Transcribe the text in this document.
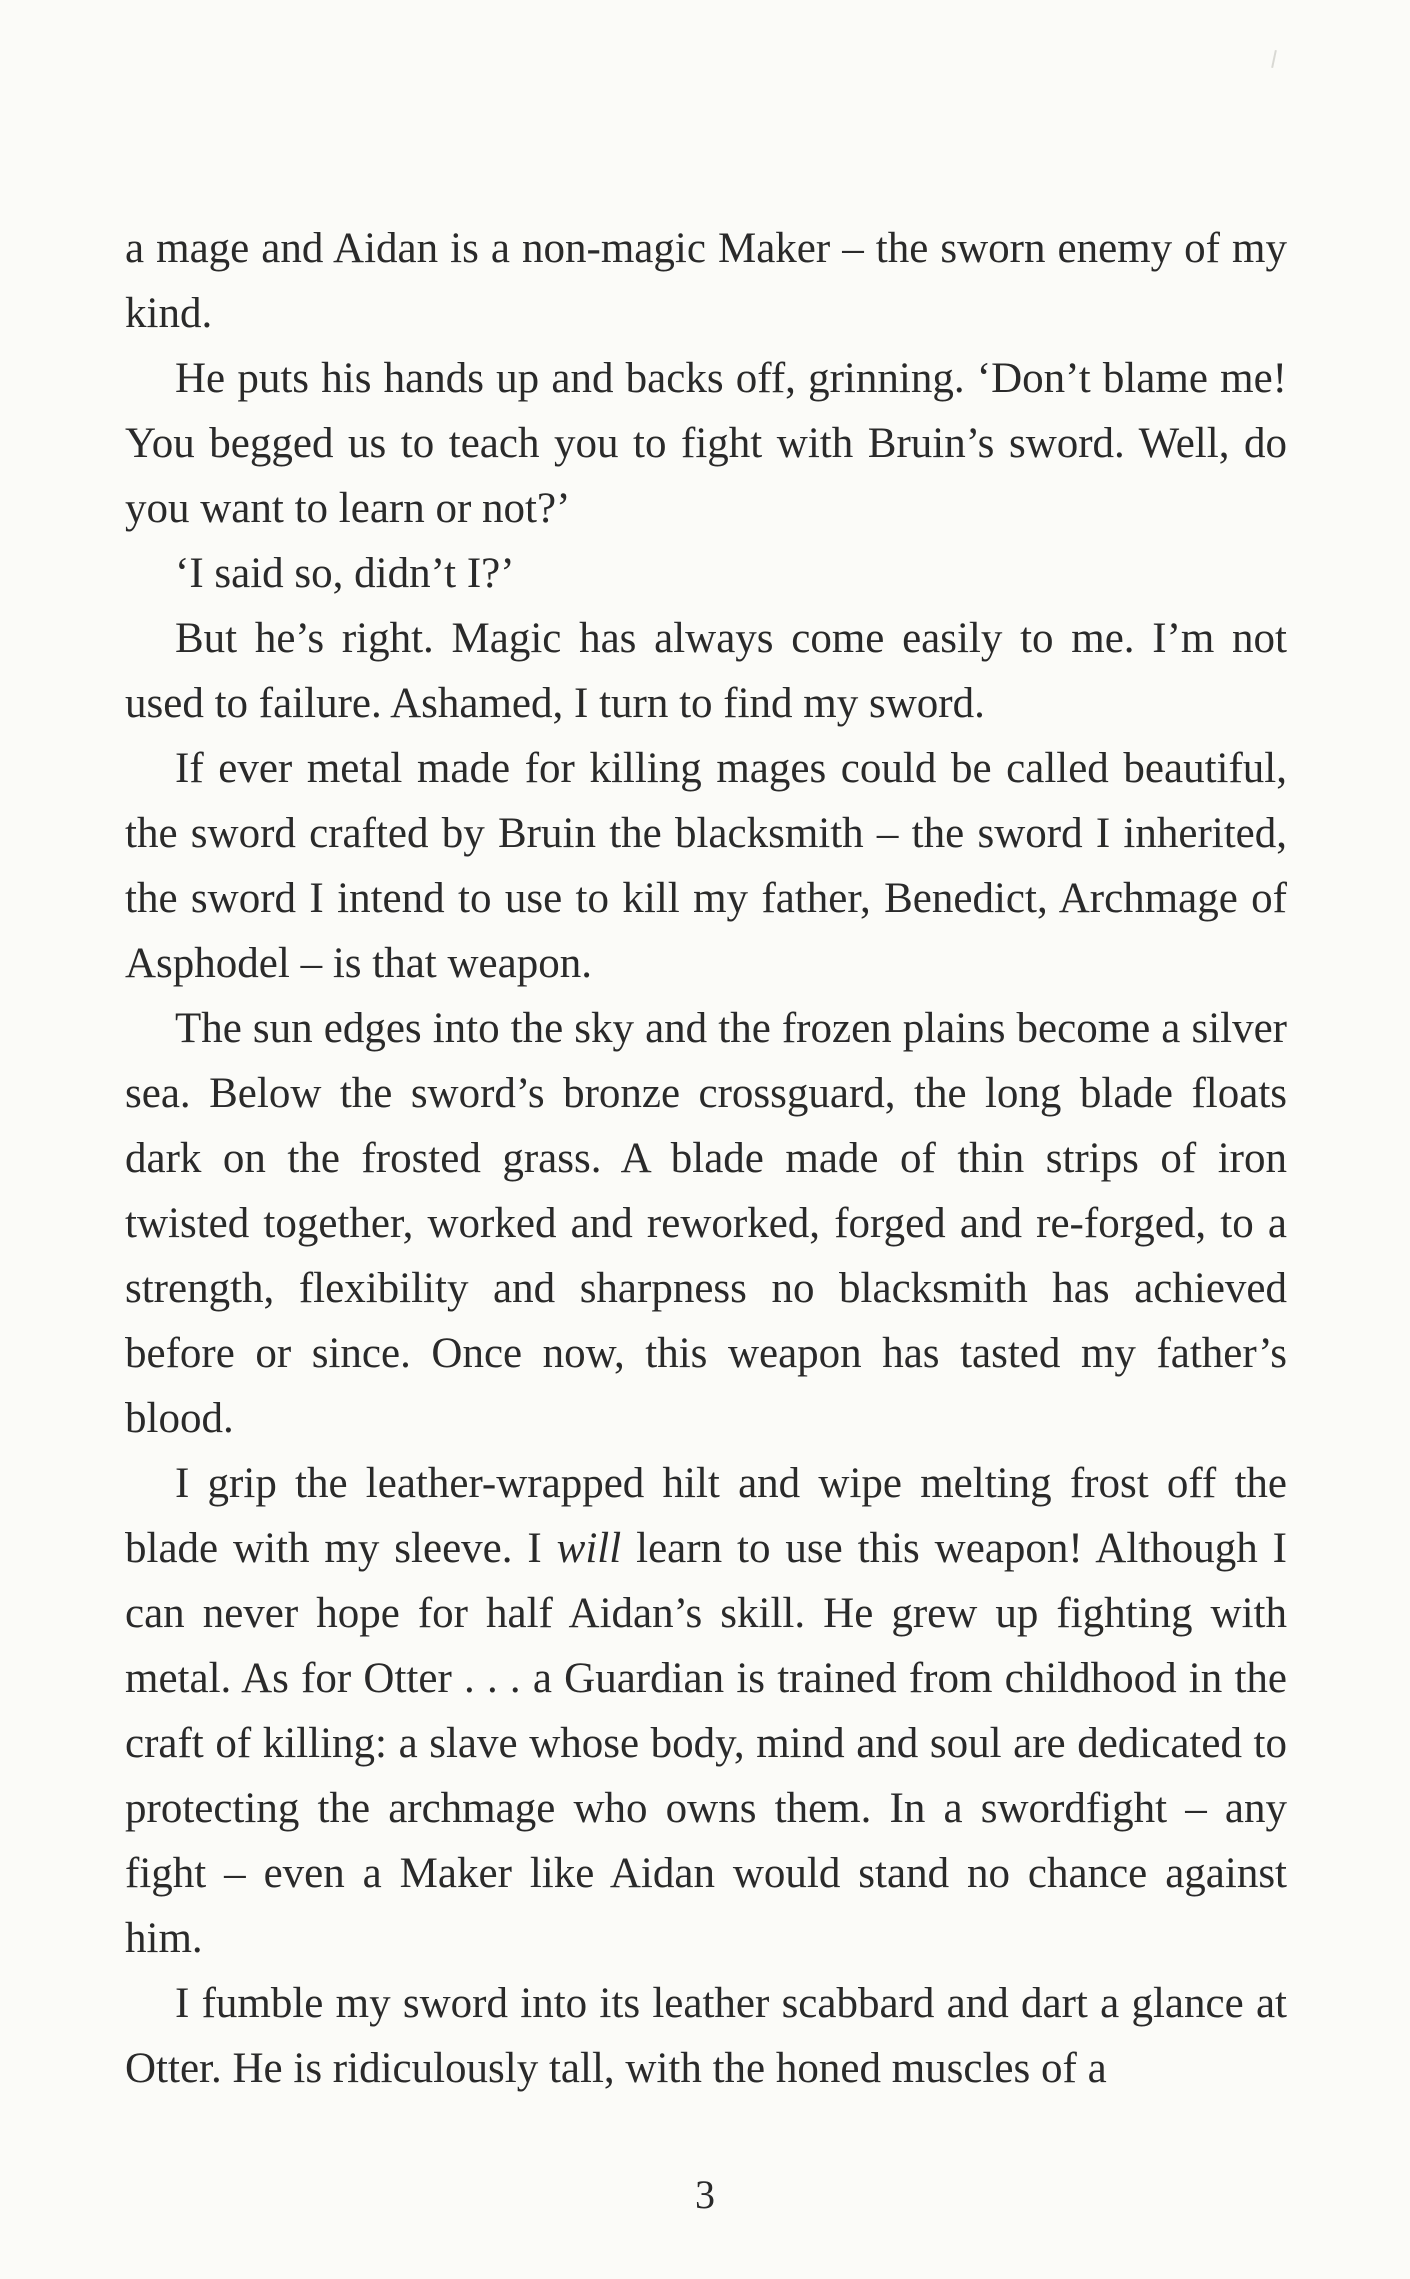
a mage and Aidan is a non-magic Maker – the sworn enemy of my kind.

He puts his hands up and backs off, grinning. ‘Don’t blame me! You begged us to teach you to fight with Bruin’s sword. Well, do you want to learn or not?’

‘I said so, didn’t I?’

But he’s right. Magic has always come easily to me. I’m not used to failure. Ashamed, I turn to find my sword.

If ever metal made for killing mages could be called beautiful, the sword crafted by Bruin the blacksmith – the sword I inherited, the sword I intend to use to kill my father, Benedict, Archmage of Asphodel – is that weapon.

The sun edges into the sky and the frozen plains become a silver sea. Below the sword’s bronze crossguard, the long blade floats dark on the frosted grass. A blade made of thin strips of iron twisted together, worked and reworked, forged and re-forged, to a strength, flexibility and sharpness no blacksmith has achieved before or since. Once now, this weapon has tasted my father’s blood.

I grip the leather-wrapped hilt and wipe melting frost off the blade with my sleeve. I will learn to use this weapon! Although I can never hope for half Aidan’s skill. He grew up fighting with metal. As for Otter . . . a Guardian is trained from childhood in the craft of killing: a slave whose body, mind and soul are dedicated to protecting the archmage who owns them. In a swordfight – any fight – even a Maker like Aidan would stand no chance against him.

I fumble my sword into its leather scabbard and dart a glance at Otter. He is ridiculously tall, with the honed muscles of a

3
